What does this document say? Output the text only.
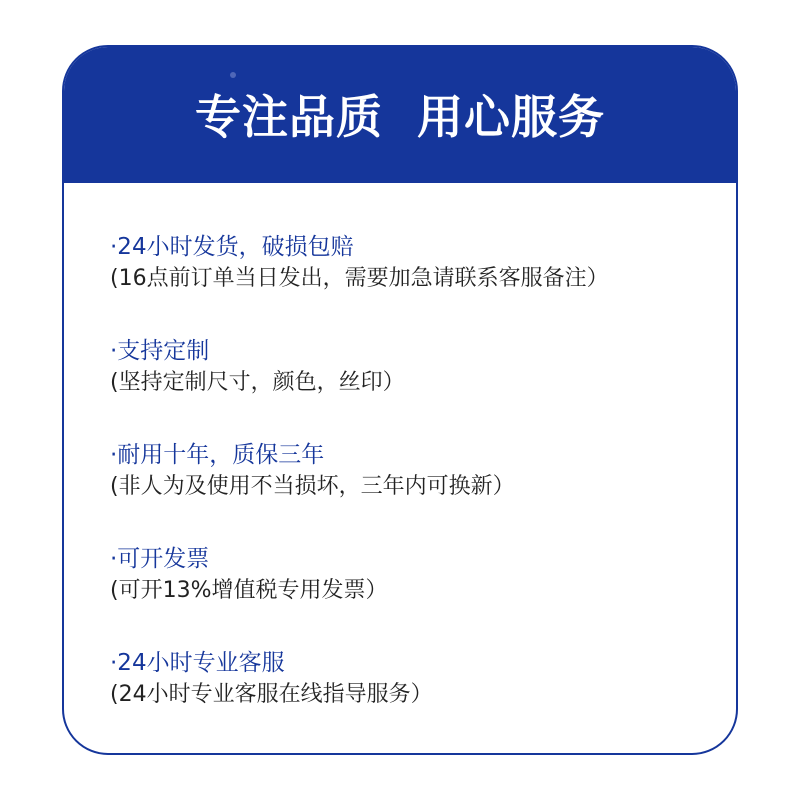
专注品质  用心服务
·24小时发货，破损包赔
(16点前订单当日发出，需要加急请联系客服备注）
·支持定制
(坚持定制尺寸，颜色，丝印）
·耐用十年，质保三年
(非人为及使用不当损坏，三年内可换新）
·可开发票
(可开13%增值税专用发票）
·24小时专业客服
(24小时专业客服在线指导服务）
